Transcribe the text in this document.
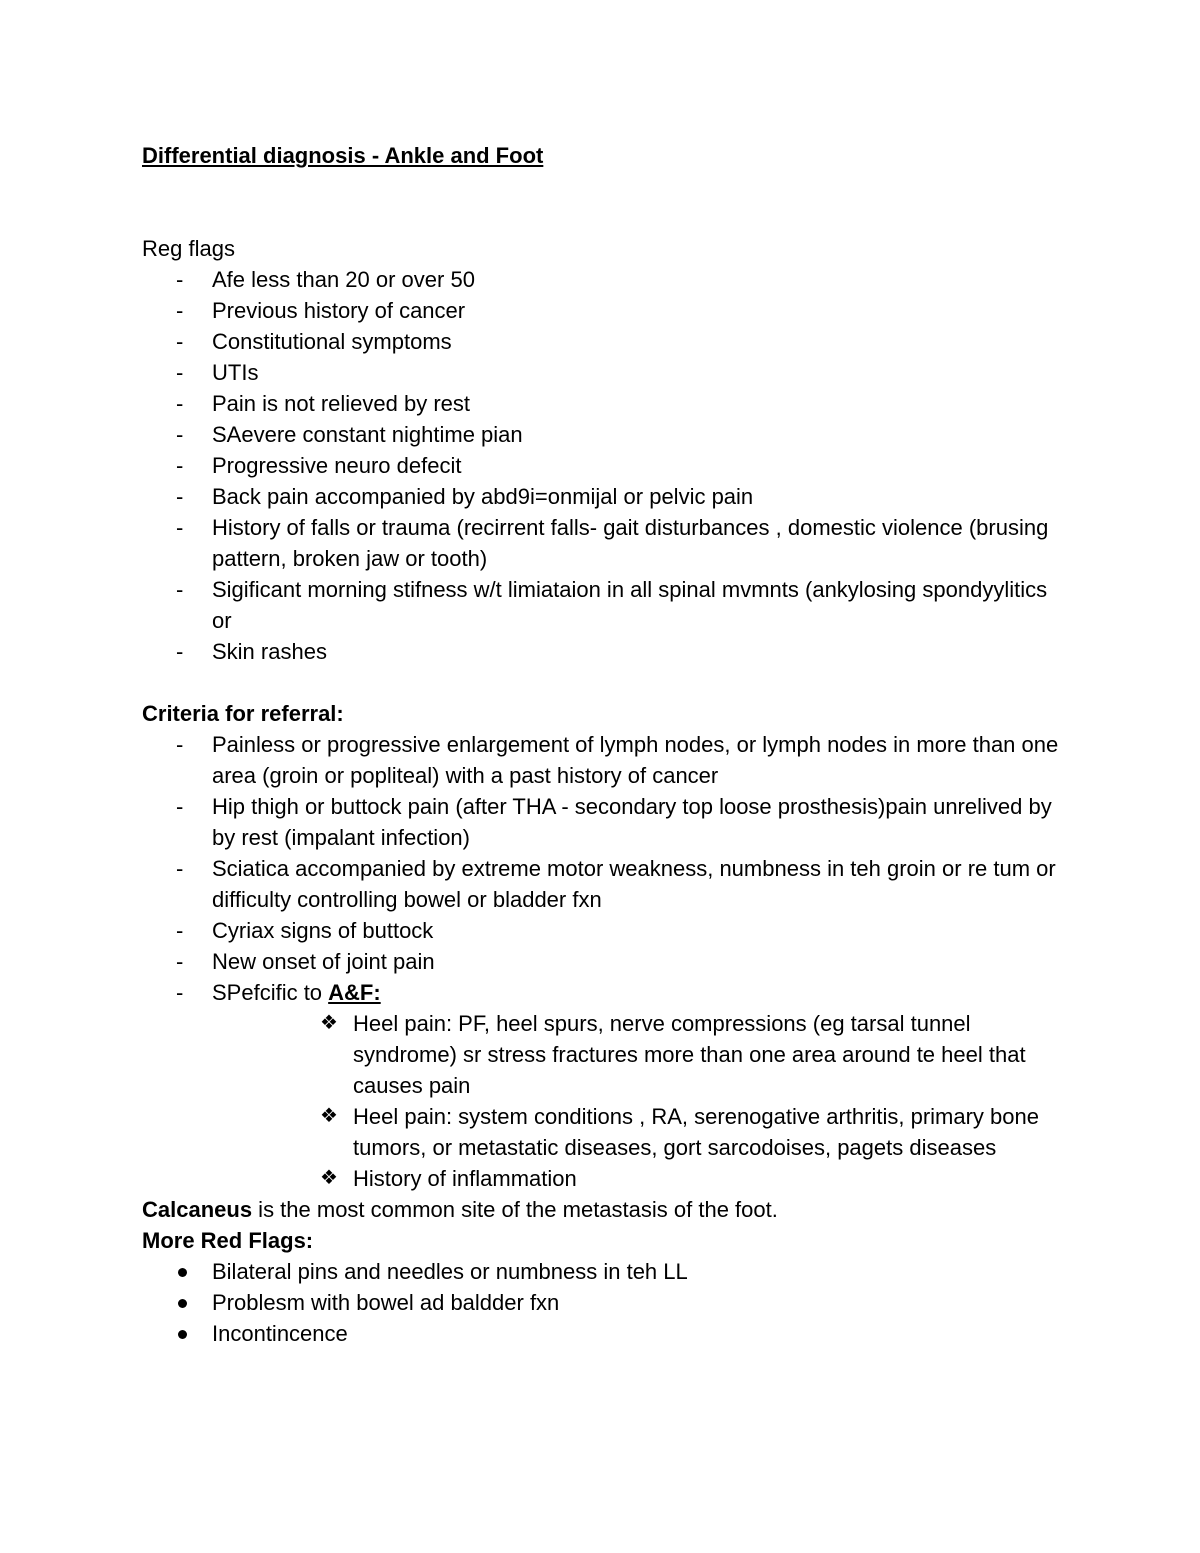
Differential diagnosis - Ankle and Foot

Reg flags

- Afe less than 20 or over 50
- Previous history of cancer
- Constitutional symptoms
- UTIs
- Pain is not relieved by rest
- SAevere constant nightime pian
- Progressive neuro defecit
- Back pain accompanied by abd9i=onmijal or pelvic pain
- History of falls or trauma (recirrent falls- gait disturbances , domestic violence (brusing pattern, broken jaw or tooth)
- Sigificant morning stifness w/t limiataion in all spinal mvmnts (ankylosing spondyylitics or
- Skin rashes

Criteria for referral:

- Painless or progressive enlargement of lymph nodes, or lymph nodes in more than one area (groin or popliteal) with a past history of cancer
- Hip thigh or buttock pain (after THA - secondary top loose prosthesis)pain unrelived by by rest (impalant infection)
- Sciatica accompanied by extreme motor weakness, numbness in teh groin or re tum or difficulty controlling bowel or bladder fxn
- Cyriax signs of buttock
- New onset of joint pain
- SPefcific to A&F:
❖ Heel pain: PF, heel spurs, nerve compressions (eg tarsal tunnel syndrome) sr stress fractures more than one area around te heel that causes pain
❖ Heel pain: system conditions , RA, serenogative arthritis, primary bone tumors, or metastatic diseases, gort sarcodoises, pagets diseases
❖ History of inflammation

Calcaneus is the most common site of the metastasis of the foot.

More Red Flags:

Bilateral pins and needles or numbness in teh LL
Problesm with bowel ad baldder fxn
Incontincence
